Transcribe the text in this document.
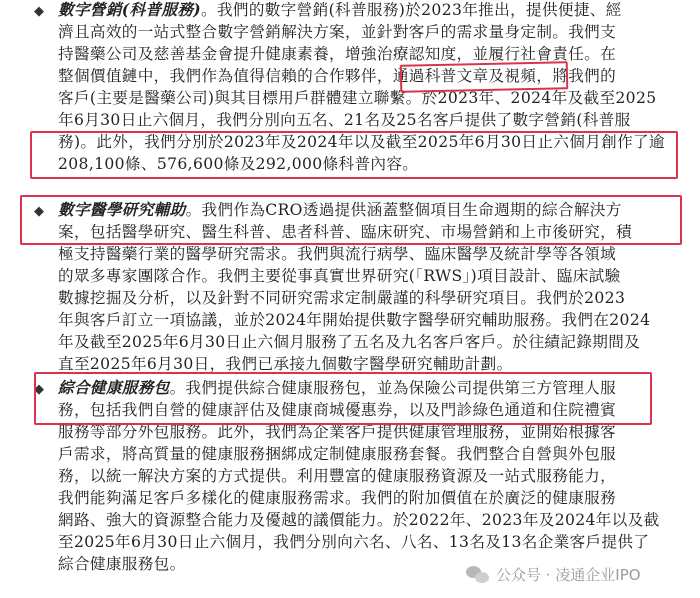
◆ 數字營銷(科普服務)。我們的數字營銷(科普服務)於2023年推出，提供便捷、經
濟且高效的一站式整合數字營銷解決方案，並針對客戶的需求量身定制。我們支
持醫藥公司及慈善基金會提升健康素養，增強治療認知度，並履行社會責任。在
整個價值鏈中，我們作為值得信賴的合作夥伴，通過科普文章及視頻，將我們的
客戶(主要是醫藥公司)與其目標用戶群體建立聯繫。於2023年、2024年及截至2025
年6月30日止六個月，我們分別向五名、21名及25名客戶提供了數字營銷(科普服
務)。此外，我們分別於2023年及2024年以及截至2025年6月30日止六個月創作了逾
208,100條、576,600條及292,000條科普內容。
◆ 數字醫學研究輔助。我們作為CRO透過提供涵蓋整個項目生命週期的綜合解決方
案，包括醫學研究、醫生科普、患者科普、臨床研究、市場營銷和上市後研究，積
極支持醫藥行業的醫學研究需求。我們與流行病學、臨床醫學及統計學等各領域
的眾多專家團隊合作。我們主要從事真實世界研究(「RWS」)項目設計、臨床試驗
數據挖掘及分析，以及針對不同研究需求定制嚴謹的科學研究項目。我們於2023
年與客戶訂立一項協議，並於2024年開始提供數字醫學研究輔助服務。我們在2024
年及截至2025年6月30日止六個月服務了五名及九名客戶客戶。於往績記錄期間及
直至2025年6月30日，我們已承接九個數字醫學研究輔助計劃。
◆ 綜合健康服務包。我們提供綜合健康服務包，並為保險公司提供第三方管理人服
務，包括我們自營的健康評估及健康商城優惠券，以及門診綠色通道和住院禮賓
服務等部分外包服務。此外，我們為企業客戶提供健康管理服務，並開始根據客
戶需求，將高質量的健康服務捆綁成定制健康服務套餐。我們整合自營與外包服
務，以統一解決方案的方式提供。利用豐富的健康服務資源及一站式服務能力，
我們能夠滿足客戶多樣化的健康服務需求。我們的附加價值在於廣泛的健康服務
網路、強大的資源整合能力及優越的議價能力。於2022年、2023年及2024年以及截
至2025年6月30日止六個月，我們分別向六名、八名、13名及13名企業客戶提供了
綜合健康服務包。
公众号 · 凌通企业IPO
